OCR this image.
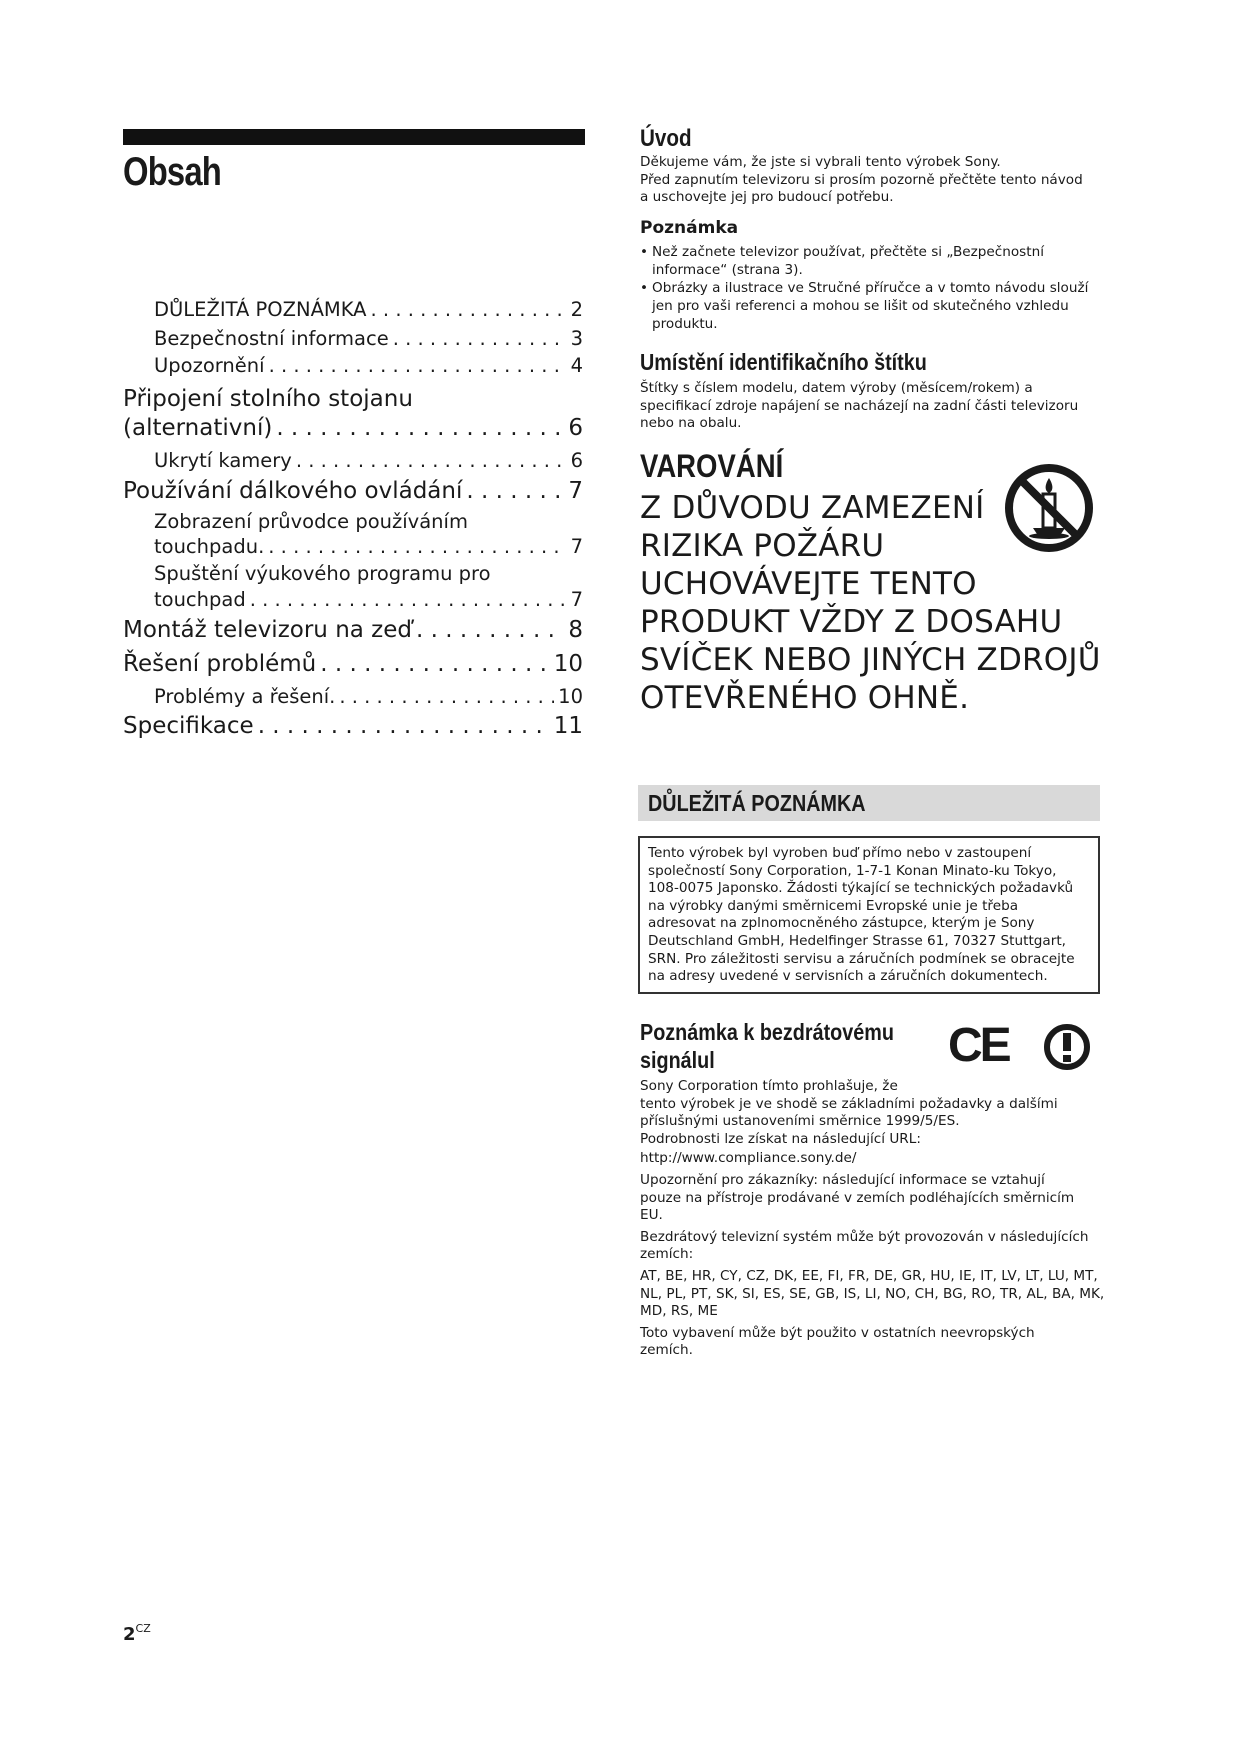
Obsah
DŮLEŽITÁ POZNÁMKA . . .	2
Bezpečnostní informace . . .	3
Upozornění . . .	4
Připojení stolního stojanu
(alternativní) . . .	6
Ukrytí kamery . . .	6
Používání dálkového ovládání . . .	7
Zobrazení průvodce používáním
touchpadu. . . .	7
Spuštění výukového programu pro
touchpad . . .	7
Montáž televizoru na zeď . . .	8
Řešení problémů . . .	10
Problémy a řešení. . . .	10
Specifikace . . .	11
Úvod
Děkujeme vám, že jste si vybrali tento výrobek Sony.
Před zapnutím televizoru si prosím pozorně přečtěte tento návod
a uschovejte jej pro budoucí potřebu.
Poznámka
• Než začnete televizor používat, přečtěte si „Bezpečnostní
informace“ (strana 3).
• Obrázky a ilustrace ve Stručné příručce a v tomto návodu slouží
jen pro vaši referenci a mohou se lišit od skutečného vzhledu
produktu.
Umístění identifikačního štítku
Štítky s číslem modelu, datem výroby (měsícem/rokem) a
specifikací zdroje napájení se nacházejí na zadní části televizoru
nebo na obalu.
VAROVÁNÍ
Z DŮVODU ZAMEZENÍ
RIZIKA POŽÁRU
UCHOVÁVEJTE TENTO
PRODUKT VŽDY Z DOSAHU
SVÍČEK NEBO JINÝCH ZDROJŮ
OTEVŘENÉHO OHNĚ.
DŮLEŽITÁ POZNÁMKA
Tento výrobek byl vyroben buď přímo nebo v zastoupení
společností Sony Corporation, 1-7-1 Konan Minato-ku Tokyo,
108-0075 Japonsko. Žádosti týkající se technických požadavků
na výrobky danými směrnicemi Evropské unie je třeba
adresovat na zplnomocněného zástupce, kterým je Sony
Deutschland GmbH, Hedelfinger Strasse 61, 70327 Stuttgart,
SRN. Pro záležitosti servisu a záručních podmínek se obracejte
na adresy uvedené v servisních a záručních dokumentech.
Poznámka k bezdrátovému
signálul	CE
Sony Corporation tímto prohlašuje, že
tento výrobek je ve shodě se základními požadavky a dalšími
příslušnými ustanoveními směrnice 1999/5/ES.
Podrobnosti lze získat na následující URL:
http://www.compliance.sony.de/
Upozornění pro zákazníky: následující informace se vztahují
pouze na přístroje prodávané v zemích podléhajících směrnicím
EU.
Bezdrátový televizní systém může být provozován v následujících
zemích:
AT, BE, HR, CY, CZ, DK, EE, FI, FR, DE, GR, HU, IE, IT, LV, LT, LU, MT,
NL, PL, PT, SK, SI, ES, SE, GB, IS, LI, NO, CH, BG, RO, TR, AL, BA, MK,
MD, RS, ME
Toto vybavení může být použito v ostatních neevropských
zemích.
$2^{CZ}$
